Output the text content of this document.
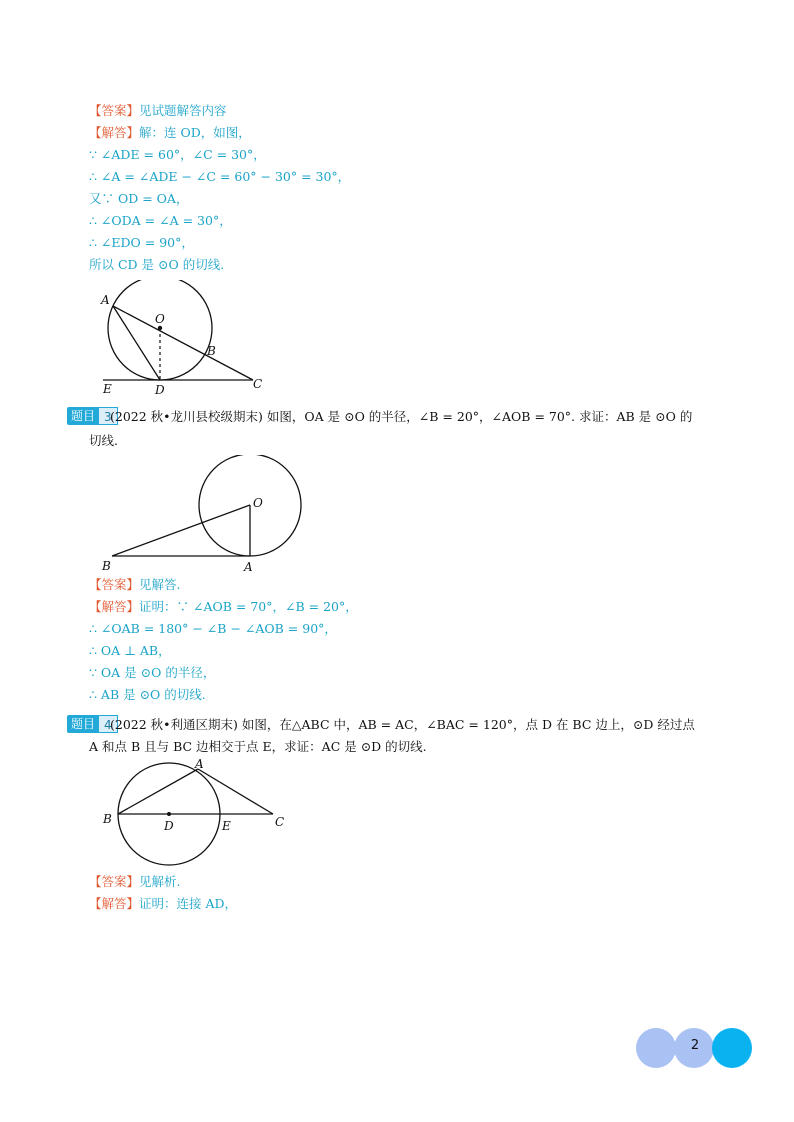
【答案】见试题解答内容
【解答】解：连 OD，如图，
∵ ∠ADE = 60°，∠C = 30°，
∴ ∠A = ∠ADE − ∠C = 60° − 30° = 30°，
又∵ OD = OA，
∴ ∠ODA = ∠A = 30°，
∴ ∠EDO = 90°，
所以 CD 是 ⊙O 的切线.
A
O
B
E	D	C
题目 3
(2022 秋•龙川县校级期末) 如图，OA 是 ⊙O 的半径，∠B = 20°，∠AOB = 70°. 求证：AB 是 ⊙O 的
切线.
O
B	A
【答案】见解答.
【解答】证明：∵ ∠AOB = 70°，∠B = 20°，
∴ ∠OAB = 180° − ∠B − ∠AOB = 90°，
∴ OA ⊥ AB，
∵ OA 是 ⊙O 的半径，
∴ AB 是 ⊙O 的切线.
题目 4
(2022 秋•利通区期末) 如图，在△ABC 中，AB = AC，∠BAC = 120°，点 D 在 BC 边上，⊙D 经过点
A 和点 B 且与 BC 边相交于点 E，求证：AC 是 ⊙D 的切线.
A
B	D	E	C
【答案】见解析.
【解答】证明：连接 AD，
2
